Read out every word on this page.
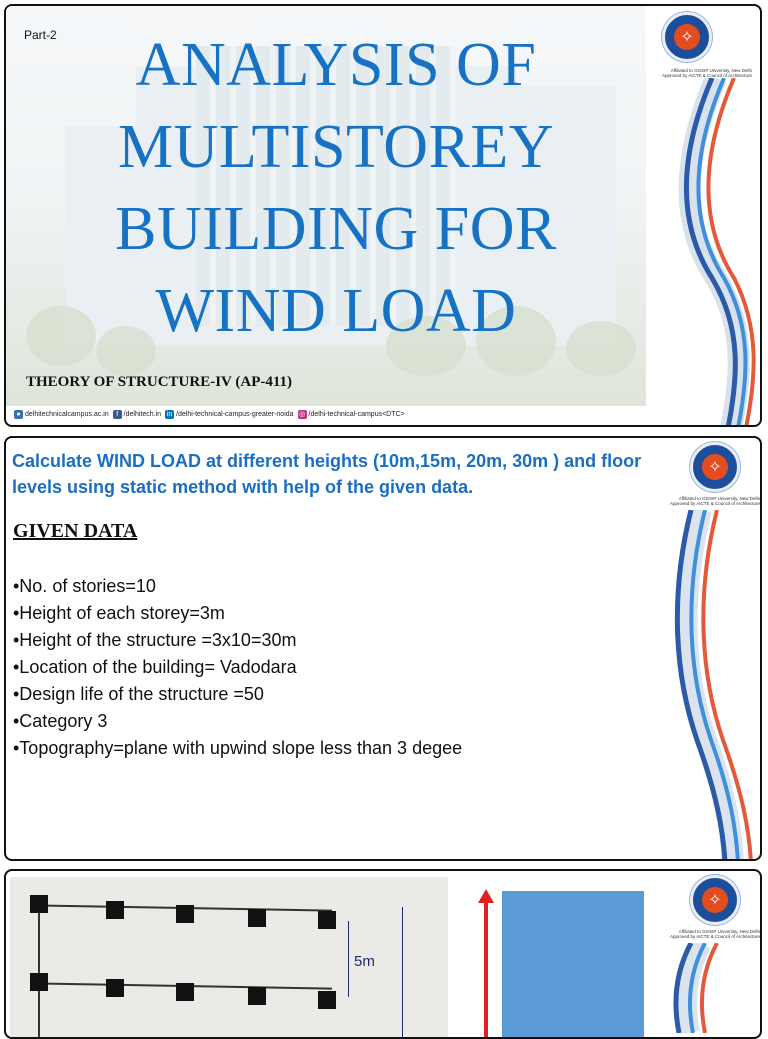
Part-2	ANALYSIS OF
MULTISTOREY
BUILDING FOR
WIND LOAD
THEORY OF STRUCTURE-IV (AP-411)
● delhitechnicalcampus.ac.in	f /delhitech.in in /delhi-technical-campus-greater-noida ◎ /delhi-technical-campus<DTC>
✧
Affiliated to GGSIP University, New Delhi
Approved by AICTE & Council of Architecture
Calculate WIND LOAD at different heights (10m,15m, 20m, 30m ) and floor levels using static method with help of the given data.
GIVEN DATA
•No. of stories=10
•Height of each storey=3m
•Height of the structure =3x10=30m
•Location of the building= Vadodara
•Design life of the structure =50
•Category 3
•Topography=plane with upwind slope less than 3 degee
✧
Affiliated to GGSIP University, New Delhi
Approved by AICTE & Council of Architecture
5m
✧
Affiliated to GGSIP University, New Delhi
Approved by AICTE & Council of Architecture
